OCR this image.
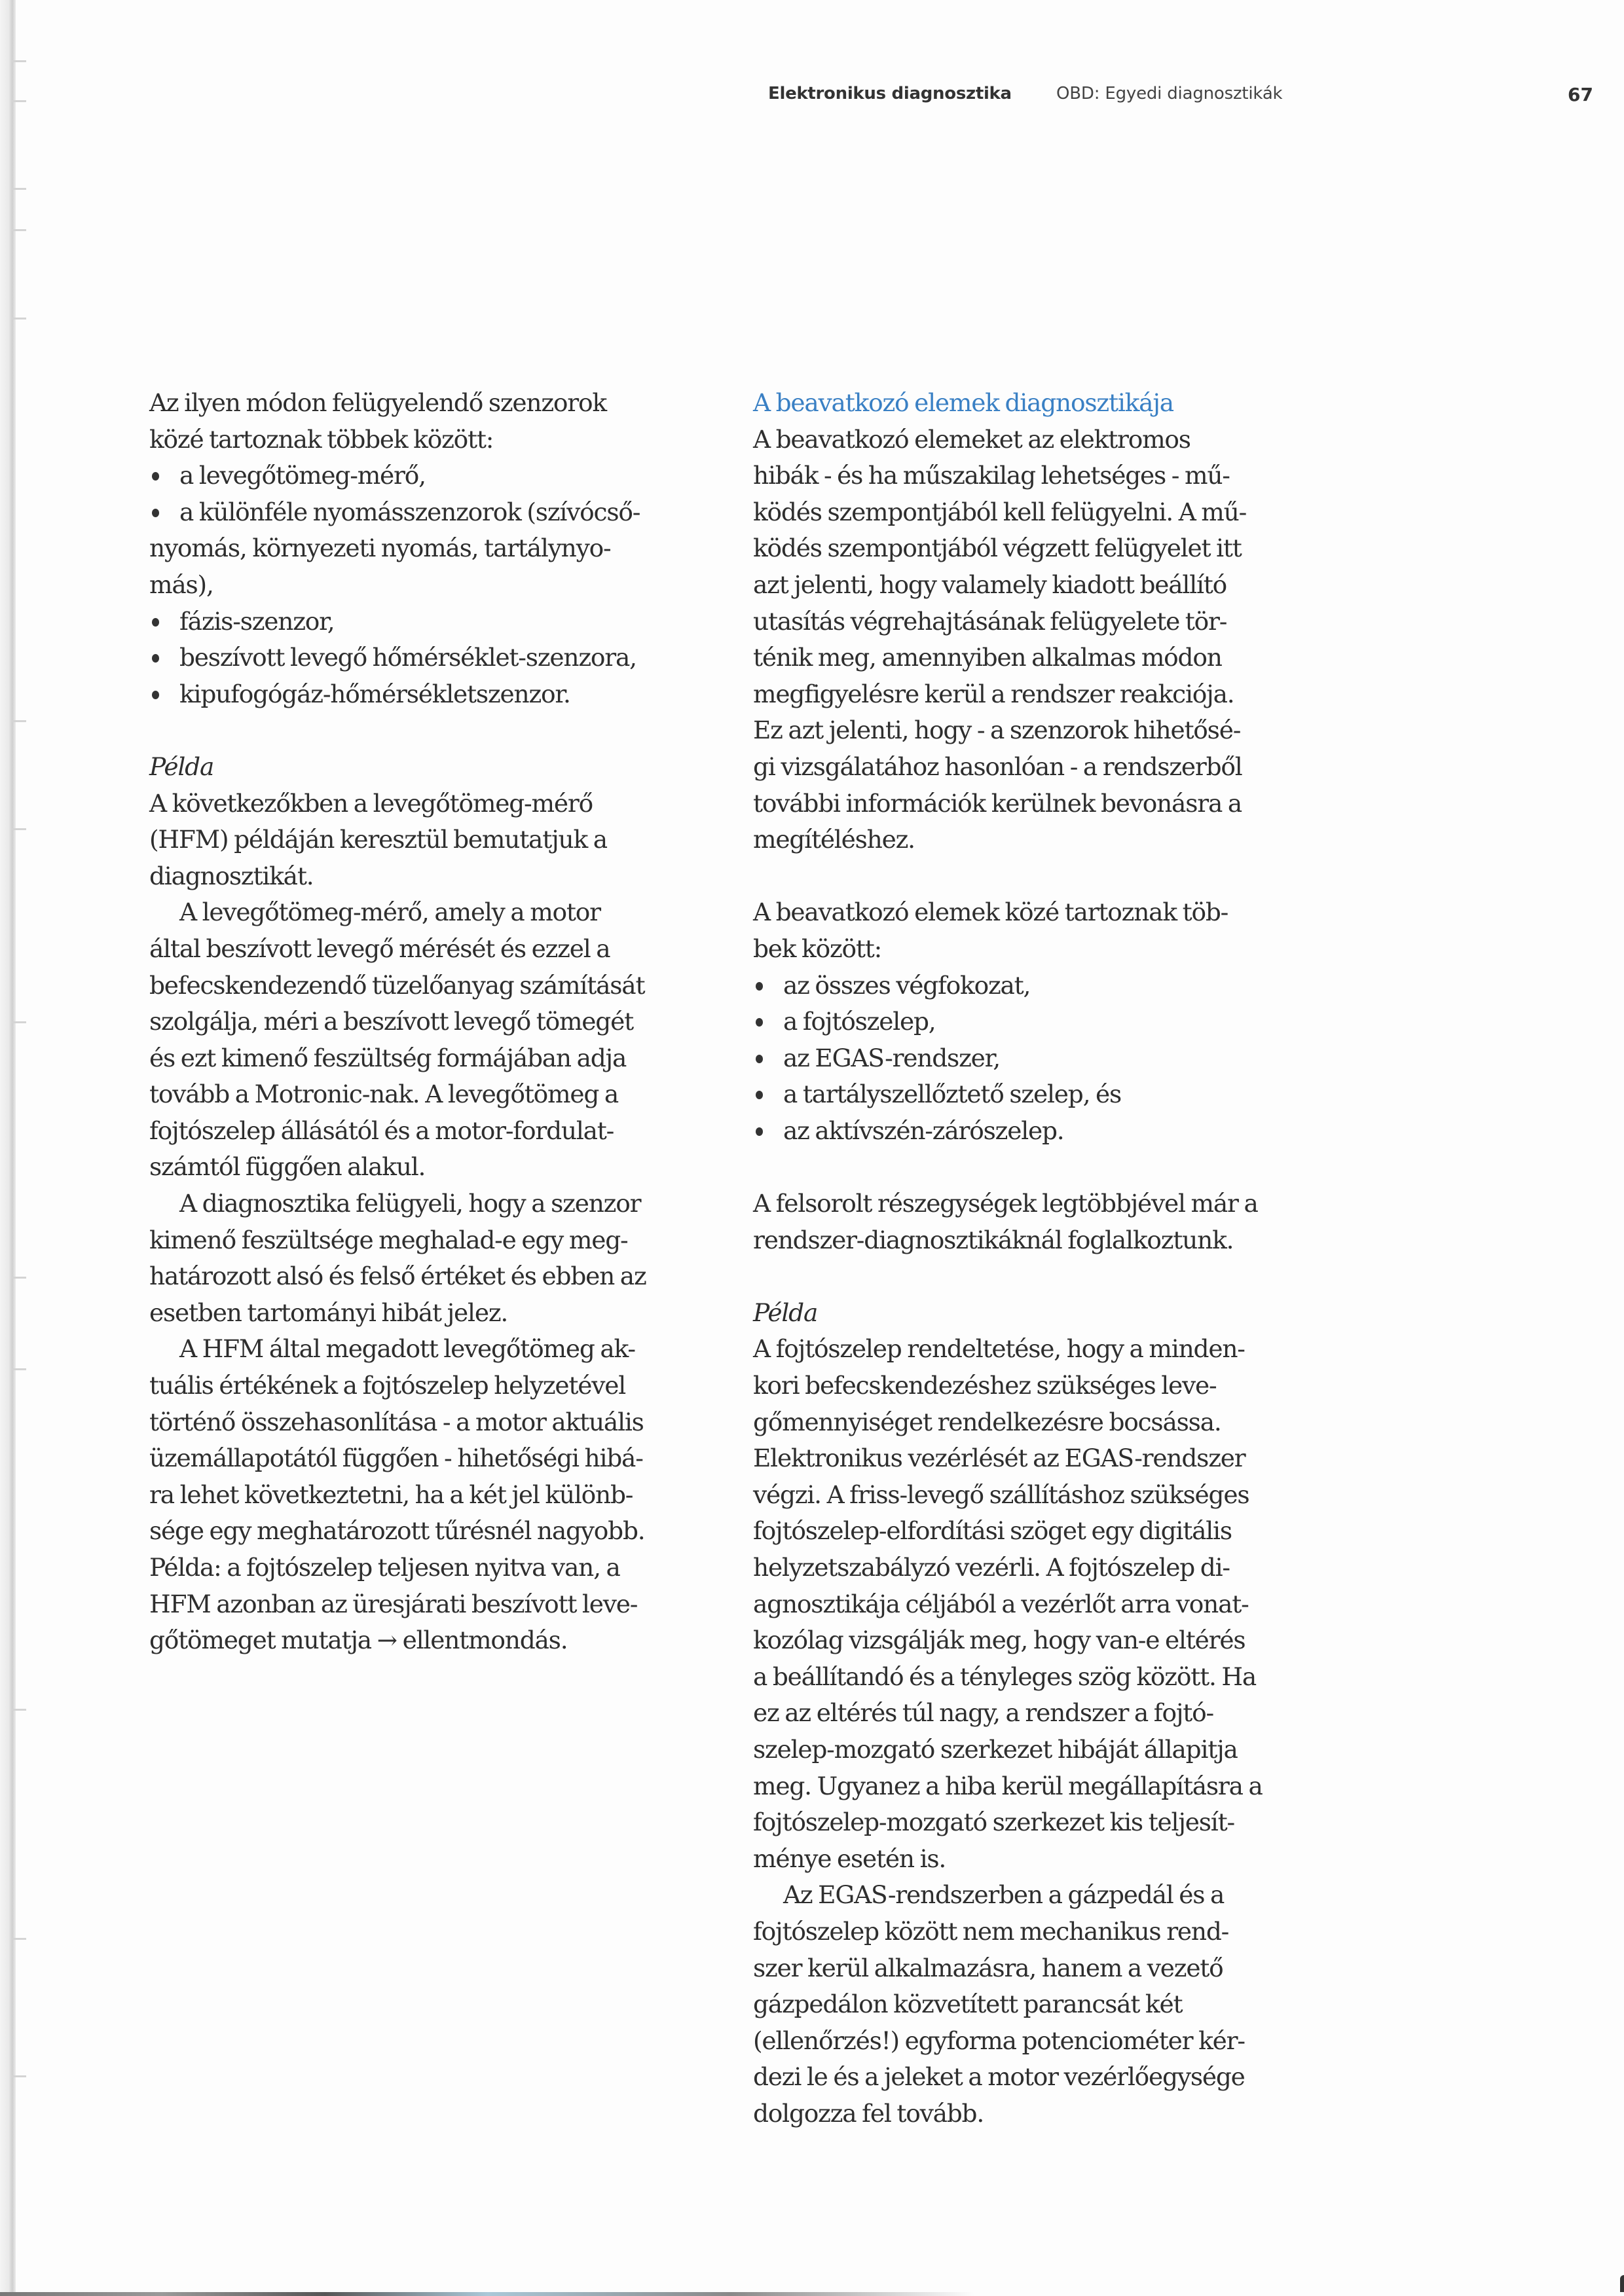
Elektronikus diagnosztika	OBD: Egyedi diagnosztikák	67

Az ilyen módon felügyelendő szenzorok
közé tartoznak többek között:

a levegőtömeg-mérő,
a különféle nyomásszenzorok (szívócső-
nyomás, környezeti nyomás, tartálynyo-
más),
fázis-szenzor,
beszívott levegő hőmérséklet-szenzora,
kipufogógáz-hőmérsékletszenzor.

Példa

A következőkben a levegőtömeg-mérő
(HFM) példáján keresztül bemutatjuk a
diagnosztikát.

A levegőtömeg-mérő, amely a motor
által beszívott levegő mérését és ezzel a
befecskendezendő tüzelőanyag számítását
szolgálja, méri a beszívott levegő tömegét
és ezt kimenő feszültség formájában adja
tovább a Motronic-nak. A levegőtömeg a
fojtószelep állásától és a motor-fordulat-
számtól függően alakul.

A diagnosztika felügyeli, hogy a szenzor
kimenő feszültsége meghalad-e egy meg-
határozott alsó és felső értéket és ebben az
esetben tartományi hibát jelez.

A HFM által megadott levegőtömeg ak-
tuális értékének a fojtószelep helyzetével
történő összehasonlítása - a motor aktuális
üzemállapotától függően - hihetőségi hibá-
ra lehet következtetni, ha a két jel különb-
sége egy meghatározott tűrésnél nagyobb.
Példa: a fojtószelep teljesen nyitva van, a
HFM azonban az üresjárati beszívott leve-
gőtömeget mutatja → ellentmondás.

A beavatkozó elemek diagnosztikája

A beavatkozó elemeket az elektromos
hibák - és ha műszakilag lehetséges - mű-
ködés szempontjából kell felügyelni. A mű-
ködés szempontjából végzett felügyelet itt
azt jelenti, hogy valamely kiadott beállító
utasítás végrehajtásának felügyelete tör-
ténik meg, amennyiben alkalmas módon
megfigyelésre kerül a rendszer reakciója.
Ez azt jelenti, hogy - a szenzorok hihetősé-
gi vizsgálatához hasonlóan - a rendszerből
további információk kerülnek bevonásra a
megítéléshez.

A beavatkozó elemek közé tartoznak töb-
bek között:

az összes végfokozat,
a fojtószelep,
az EGAS-rendszer,
a tartályszellőztető szelep, és
az aktívszén-zárószelep.

A felsorolt részegységek legtöbbjével már a
rendszer-diagnosztikáknál foglalkoztunk.

Példa

A fojtószelep rendeltetése, hogy a minden-
kori befecskendezéshez szükséges leve-
gőmennyiséget rendelkezésre bocsássa.
Elektronikus vezérlését az EGAS-rendszer
végzi. A friss-levegő szállításhoz szükséges
fojtószelep-elfordítási szöget egy digitális
helyzetszabályzó vezérli. A fojtószelep di-
agnosztikája céljából a vezérlőt arra vonat-
kozólag vizsgálják meg, hogy van-e eltérés
a beállítandó és a tényleges szög között. Ha
ez az eltérés túl nagy, a rendszer a fojtó-
szelep-mozgató szerkezet hibáját állapitja
meg. Ugyanez a hiba kerül megállapításra a
fojtószelep-mozgató szerkezet kis teljesít-
ménye esetén is.

Az EGAS-rendszerben a gázpedál és a
fojtószelep között nem mechanikus rend-
szer kerül alkalmazásra, hanem a vezető
gázpedálon közvetített parancsát két
(ellenőrzés!) egyforma potenciométer kér-
dezi le és a jeleket a motor vezérlőegysége
dolgozza fel tovább.
